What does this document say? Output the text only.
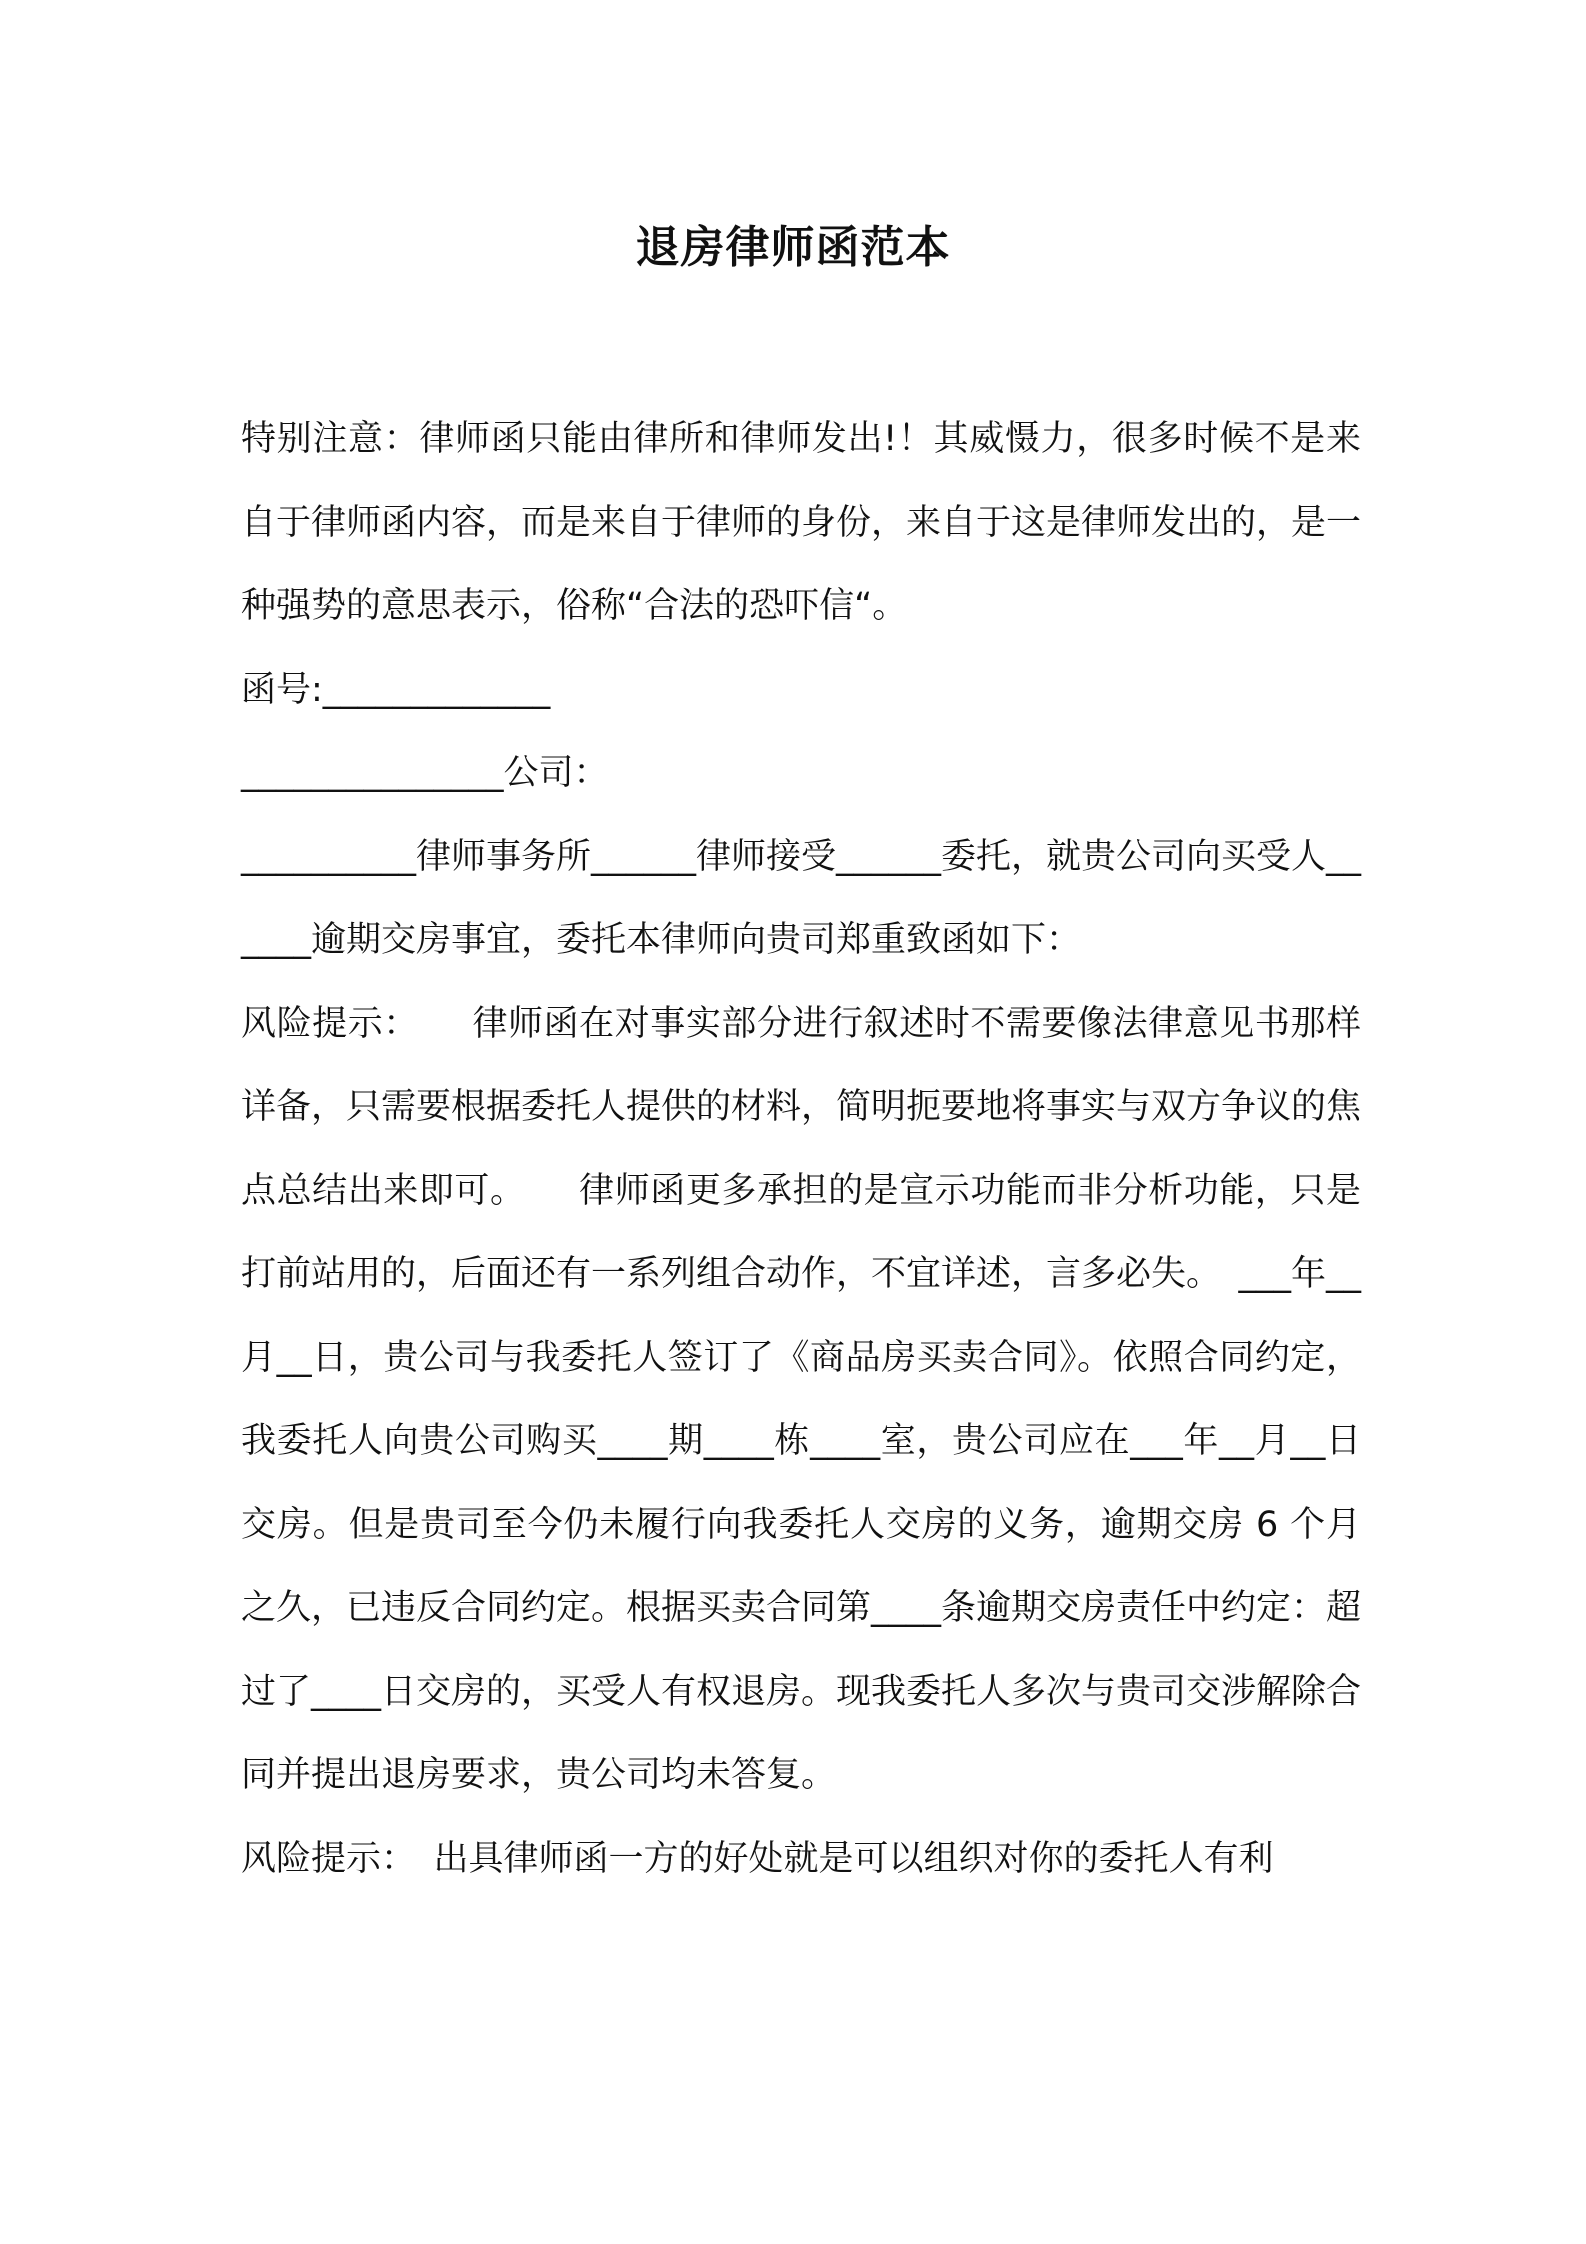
退房律师函范本

特别注意：律师函只能由律所和律师发出!！其威慑力，很多时候不是来自于律师函内容，而是来自于律师的身份，来自于这是律师发出的，是一种强势的意思表示，俗称“合法的恐吓信“。

函号:_____________

_______________公司：

__________律师事务所______律师接受______委托，就贵公司向买受人______逾期交房事宜，委托本律师向贵司郑重致函如下：

风险提示：　　律师函在对事实部分进行叙述时不需要像法律意见书那样详备，只需要根据委托人提供的材料，简明扼要地将事实与双方争议的焦点总结出来即可。　　律师函更多承担的是宣示功能而非分析功能，只是打前站用的，后面还有一系列组合动作，不宜详述，言多必失。　___年__月__日，贵公司与我委托人签订了《商品房买卖合同》。依照合同约定，我委托人向贵公司购买____期____栋____室，贵公司应在___年__月__日交房。但是贵司至今仍未履行向我委托人交房的义务，逾期交房 6 个月之久，已违反合同约定。根据买卖合同第____条逾期交房责任中约定：超过了____日交房的，买受人有权退房。现我委托人多次与贵司交涉解除合同并提出退房要求，贵公司均未答复。

风险提示：　出具律师函一方的好处就是可以组织对你的委托人有利
